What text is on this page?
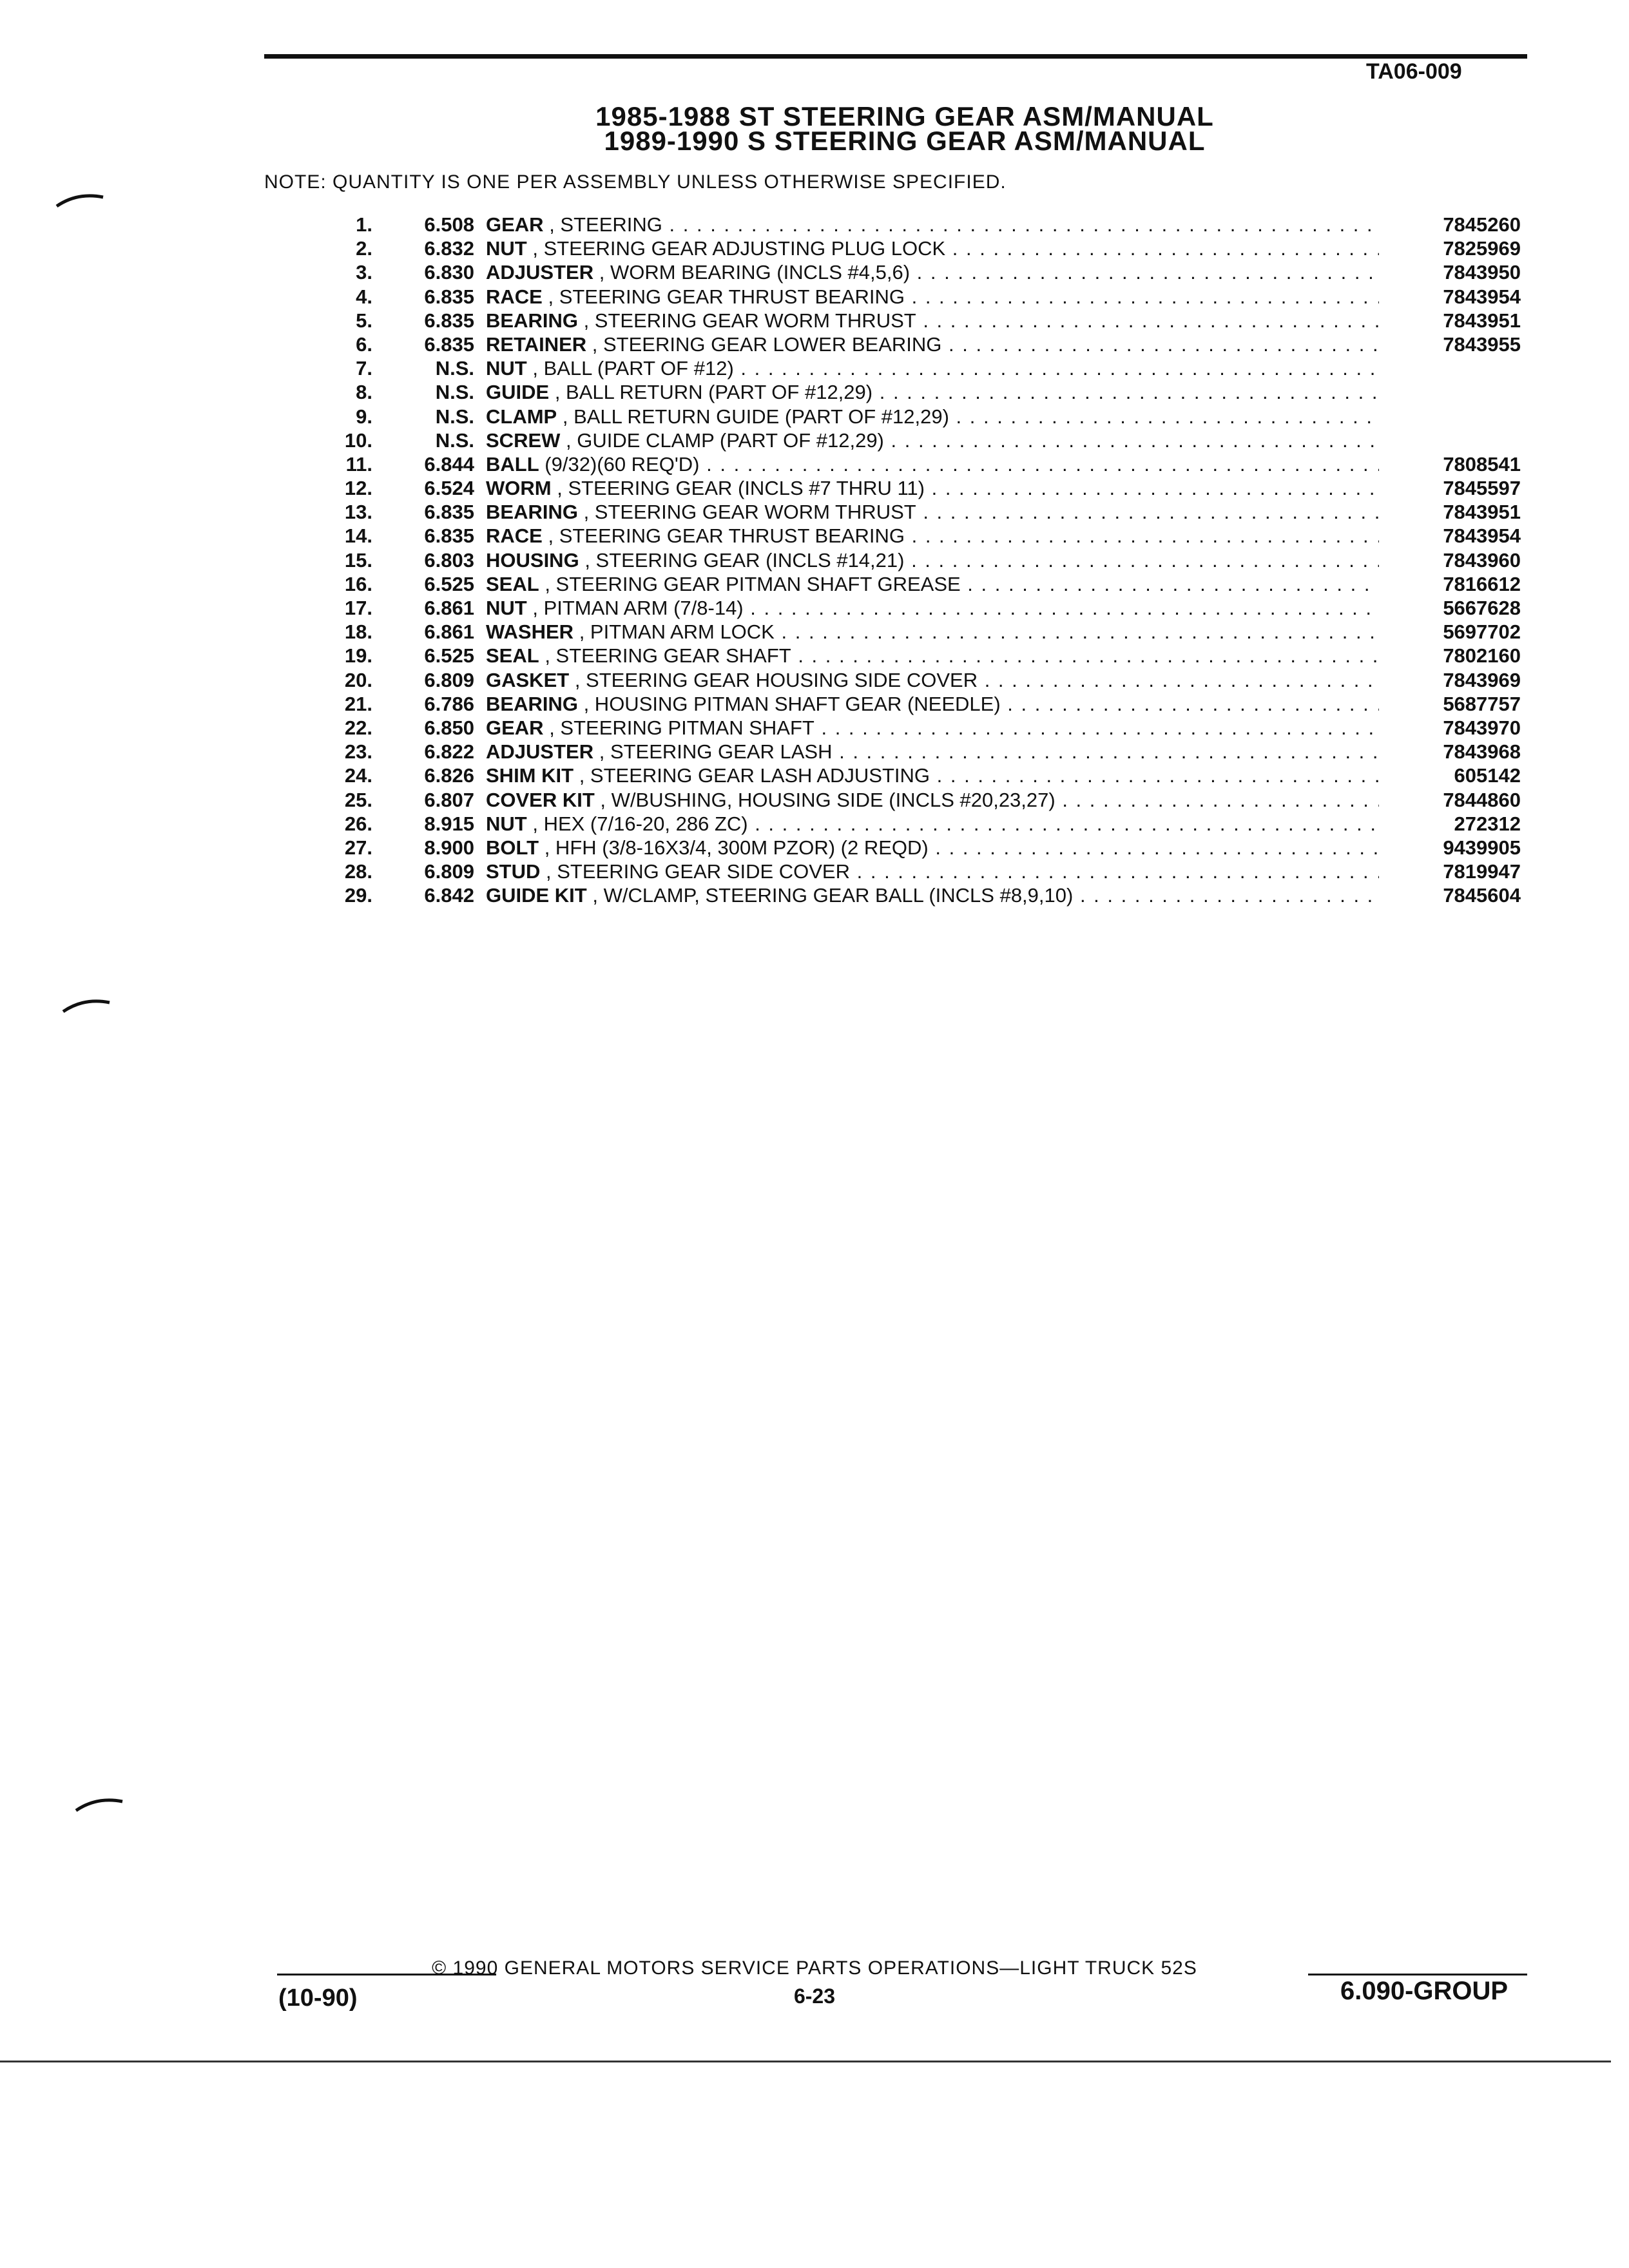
TA06-009
1985-1988 ST STEERING GEAR ASM/MANUAL
1989-1990 S STEERING GEAR ASM/MANUAL
NOTE: QUANTITY IS ONE PER ASSEMBLY UNLESS OTHERWISE SPECIFIED.
1.	6.508 GEAR , STEERING . . .	7845260
2.	6.832 NUT , STEERING GEAR ADJUSTING PLUG LOCK . . .	7825969
3.	6.830 ADJUSTER , WORM BEARING (INCLS #4,5,6) . . .	7843950
4.	6.835 RACE , STEERING GEAR THRUST BEARING . . .	7843954
5.	6.835 BEARING , STEERING GEAR WORM THRUST . . .	7843951
6.	6.835 RETAINER , STEERING GEAR LOWER BEARING . . .	7843955
7.	N.S. NUT , BALL (PART OF #12) . . .
8.	N.S. GUIDE , BALL RETURN (PART OF #12,29) . . .
9.	N.S. CLAMP , BALL RETURN GUIDE (PART OF #12,29) . . .
10.	N.S. SCREW , GUIDE CLAMP (PART OF #12,29) . . .
11.	6.844 BALL (9/32)(60 REQ'D) . . .	7808541
12.	6.524 WORM , STEERING GEAR (INCLS #7 THRU 11) . . .	7845597
13.	6.835 BEARING , STEERING GEAR WORM THRUST . . .	7843951
14.	6.835 RACE , STEERING GEAR THRUST BEARING . . .	7843954
15.	6.803 HOUSING , STEERING GEAR (INCLS #14,21) . . .	7843960
16.	6.525 SEAL , STEERING GEAR PITMAN SHAFT GREASE . . .	7816612
17.	6.861 NUT , PITMAN ARM (7/8-14) . . .	5667628
18.	6.861 WASHER , PITMAN ARM LOCK . . .	5697702
19.	6.525 SEAL , STEERING GEAR SHAFT . . .	7802160
20.	6.809 GASKET , STEERING GEAR HOUSING SIDE COVER . . .	7843969
21.	6.786 BEARING , HOUSING PITMAN SHAFT GEAR (NEEDLE) . . .	5687757
22.	6.850 GEAR , STEERING PITMAN SHAFT . . .	7843970
23.	6.822 ADJUSTER , STEERING GEAR LASH . . .	7843968
24.	6.826 SHIM KIT , STEERING GEAR LASH ADJUSTING . . .	605142
25.	6.807 COVER KIT , W/BUSHING, HOUSING SIDE (INCLS #20,23,27) . . .	7844860
26.	8.915 NUT , HEX (7/16-20, 286 ZC) . . .	272312
27.	8.900 BOLT , HFH (3/8-16X3/4, 300M PZOR) (2 REQD) . . .	9439905
28.	6.809 STUD , STEERING GEAR SIDE COVER . . .	7819947
29.	6.842 GUIDE KIT , W/CLAMP, STEERING GEAR BALL (INCLS #8,9,10) . . .	7845604
© 1990 GENERAL MOTORS SERVICE PARTS OPERATIONS—LIGHT TRUCK 52S
(10-90)	6-23	6.090-GROUP
